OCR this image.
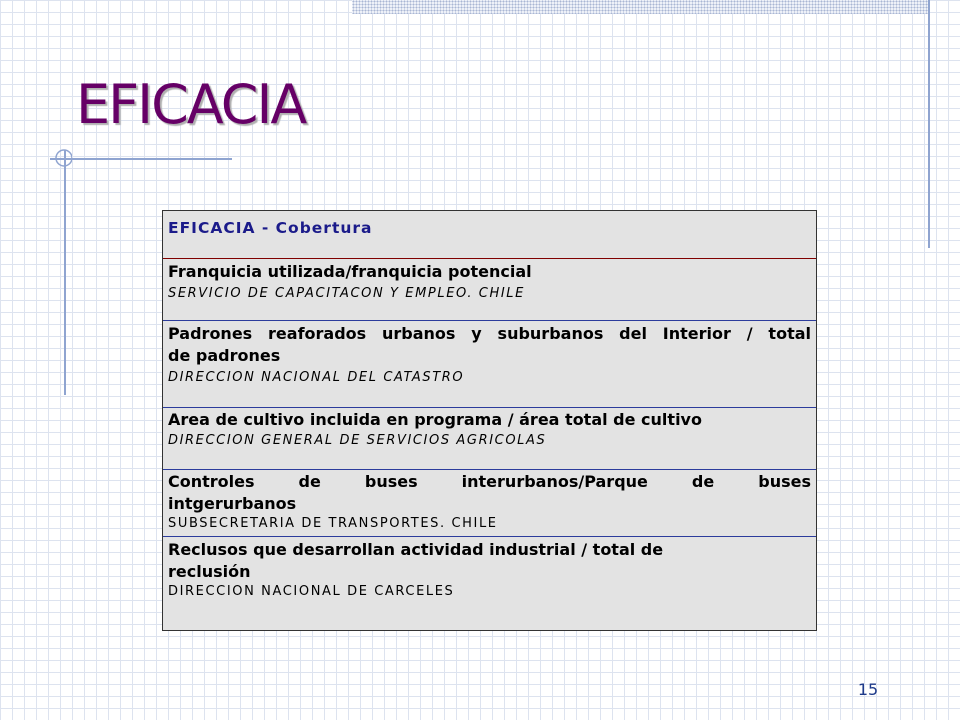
EFICACIA
EFICACIA - Cobertura

Franquicia utilizada/franquicia potencial

SERVICIO DE CAPACITACON Y EMPLEO. CHILE

Padrones reaforados urbanos y suburbanos del Interior / total

de padrones

DIRECCION NACIONAL DEL CATASTRO

Area de cultivo incluida en programa / área total de cultivo

DIRECCION GENERAL DE SERVICIOS AGRICOLAS

Controles de buses interurbanos/Parque de buses

intgerurbanos

SUBSECRETARIA DE TRANSPORTES. CHILE

Reclusos que desarrollan actividad industrial / total de

reclusión

DIRECCION NACIONAL DE CARCELES

15
